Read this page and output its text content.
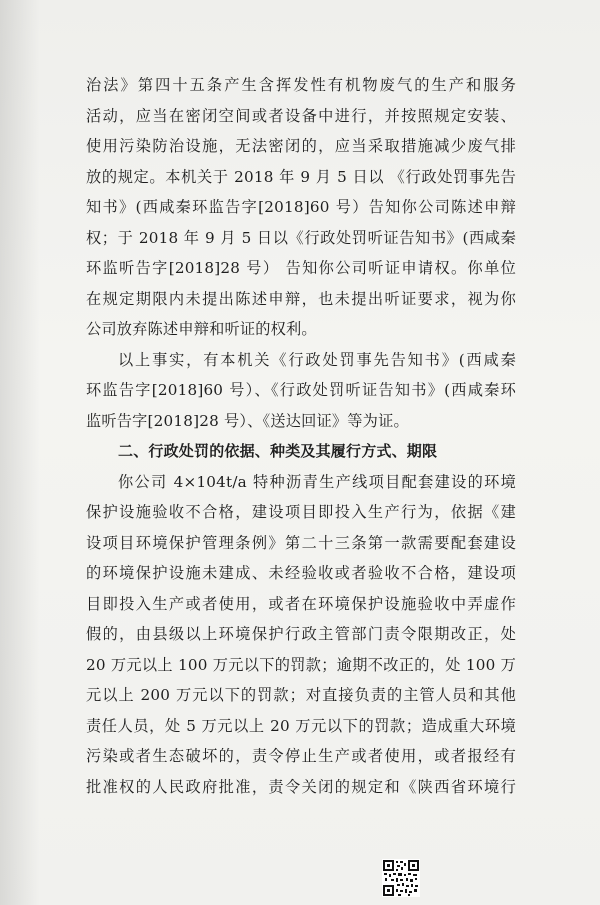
治法》第四十五条产生含挥发性有机物废气的生产和服务
活动，应当在密闭空间或者设备中进行，并按照规定安装、
使用污染防治设施，无法密闭的，应当采取措施减少废气排
放的规定。本机关于 2018 年 9 月 5 日以 《行政处罚事先告
知书》(西咸秦环监告字[2018]60 号）告知你公司陈述申辩
权；于 2018 年 9 月 5 日以《行政处罚听证告知书》(西咸秦
环监听告字[2018]28 号） 告知你公司听证申请权。你单位
在规定期限内未提出陈述申辩，也未提出听证要求，视为你
公司放弃陈述申辩和听证的权利。
以上事实，有本机关《行政处罚事先告知书》(西咸秦
环监告字[2018]60 号）、《行政处罚听证告知书》(西咸秦环
监听告字[2018]28 号）、《送达回证》等为证。
二、行政处罚的依据、种类及其履行方式、期限
你公司 4×104t/a 特种沥青生产线项目配套建设的环境
保护设施验收不合格，建设项目即投入生产行为，依据《建
设项目环境保护管理条例》第二十三条第一款需要配套建设
的环境保护设施未建成、未经验收或者验收不合格，建设项
目即投入生产或者使用，或者在环境保护设施验收中弄虚作
假的，由县级以上环境保护行政主管部门责令限期改正，处
20 万元以上 100 万元以下的罚款；逾期不改正的，处 100 万
元以上 200 万元以下的罚款；对直接负责的主管人员和其他
责任人员，处 5 万元以上 20 万元以下的罚款；造成重大环境
污染或者生态破坏的，责令停止生产或者使用，或者报经有
批准权的人民政府批准，责令关闭的规定和《陕西省环境行
